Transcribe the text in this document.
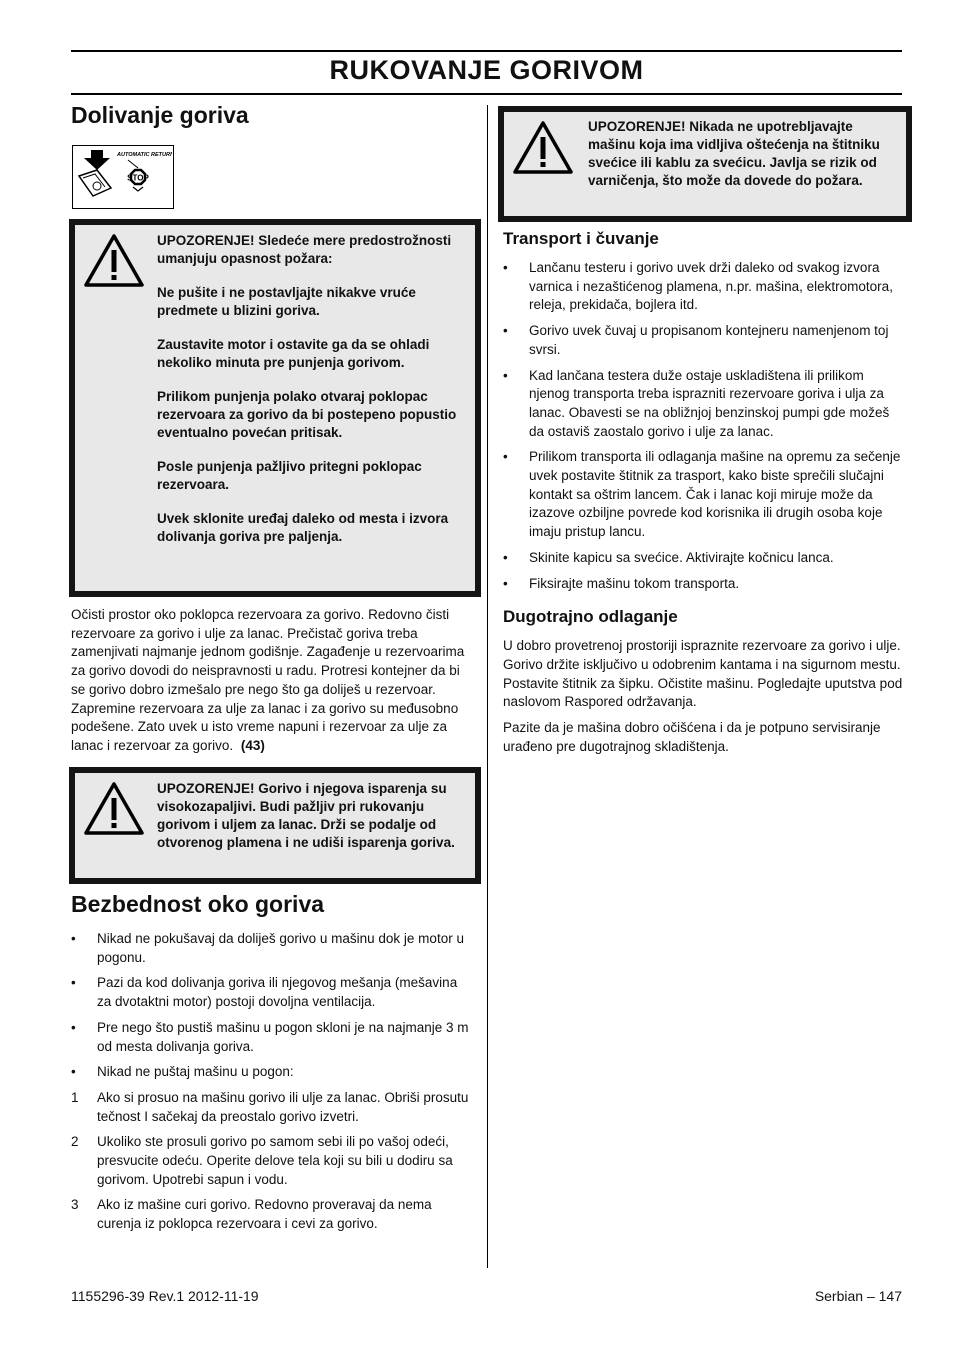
RUKOVANJE GORIVOM
Dolivanje goriva
STOP
AUTOMATIC RETURN

UPOZORENJE! Sledeće mere predostrožnosti umanjuju opasnost požara:

Ne pušite i ne postavljajte nikakve vruće predmete u blizini goriva.

Zaustavite motor i ostavite ga da se ohladi nekoliko minuta pre punjenja gorivom.

Prilikom punjenja polako otvaraj poklopac rezervoara za gorivo da bi postepeno popustio eventualno povećan pritisak.

Posle punjenja pažljivo pritegni poklopac rezervoara.

Uvek sklonite uređaj daleko od mesta i izvora dolivanja goriva pre paljenja.

Očisti prostor oko poklopca rezervoara za gorivo. Redovno čisti rezervoare za gorivo i ulje za lanac. Prečistač goriva treba zamenjivati najmanje jednom godišnje. Zagađenje u rezervoarima za gorivo dovodi do neispravnosti u radu. Protresi kontejner da bi se gorivo dobro izmešalo pre nego što ga doliješ u rezervoar. Zapremine rezervoara za ulje za lanac i za gorivo su međusobno podešene. Zato uvek u isto vreme napuni i rezervoar za ulje za lanac i rezervoar za gorivo. (43)

UPOZORENJE! Gorivo i njegova isparenja su visokozapaljivi. Budi pažljiv pri rukovanju gorivom i uljem za lanac. Drži se podalje od otvorenog plamena i ne udiši isparenja goriva.

Bezbednost oko goriva
• Nikad ne pokušavaj da doliješ gorivo u mašinu dok je motor u pogonu.
• Pazi da kod dolivanja goriva ili njegovog mešanja (mešavina za dvotaktni motor) postoji dovoljna ventilacija.
• Pre nego što pustiš mašinu u pogon skloni je na najmanje 3 m od mesta dolivanja goriva.
• Nikad ne puštaj mašinu u pogon:
1 Ako si prosuo na mašinu gorivo ili ulje za lanac. Obriši prosutu tečnost I sačekaj da preostalo gorivo izvetri.
2 Ukoliko ste prosuli gorivo po samom sebi ili po vašoj odeći, presvucite odeću. Operite delove tela koji su bili u dodiru sa gorivom. Upotrebi sapun i vodu.
3 Ako iz mašine curi gorivo. Redovno proveravaj da nema curenja iz poklopca rezervoara i cevi za gorivo.

UPOZORENJE! Nikada ne upotrebljavajte mašinu koja ima vidljiva oštećenja na štitniku svećice ili kablu za svećicu. Javlja se rizik od varničenja, što može da dovede do požara.

Transport i čuvanje
• Lančanu testeru i gorivo uvek drži daleko od svakog izvora varnica i nezaštićenog plamena, n.pr. mašina, elektromotora, releja, prekidača, bojlera itd.
• Gorivo uvek čuvaj u propisanom kontejneru namenjenom toj svrsi.
• Kad lančana testera duže ostaje uskladištena ili prilikom njenog transporta treba isprazniti rezervoare goriva i ulja za lanac. Obavesti se na obližnjoj benzinskoj pumpi gde možeš da ostaviš zaostalo gorivo i ulje za lanac.
• Prilikom transporta ili odlaganja mašine na opremu za sečenje uvek postavite štitnik za trasport, kako biste sprečili slučajni kontakt sa oštrim lancem. Čak i lanac koji miruje može da izazove ozbiljne povrede kod korisnika ili drugih osoba koje imaju pristup lancu.
• Skinite kapicu sa svećice. Aktivirajte kočnicu lanca.
• Fiksirajte mašinu tokom transporta.
Dugotrajno odlaganje

U dobro provetrenoj prostoriji ispraznite rezervoare za gorivo i ulje. Gorivo držite isključivo u odobrenim kantama i na sigurnom mestu. Postavite štitnik za šipku. Očistite mašinu. Pogledajte uputstva pod naslovom Raspored održavanja.

Pazite da je mašina dobro očišćena i da je potpuno servisiranje urađeno pre dugotrajnog skladištenja.

1155296-39 Rev.1 2012-11-19	Serbian – 147
